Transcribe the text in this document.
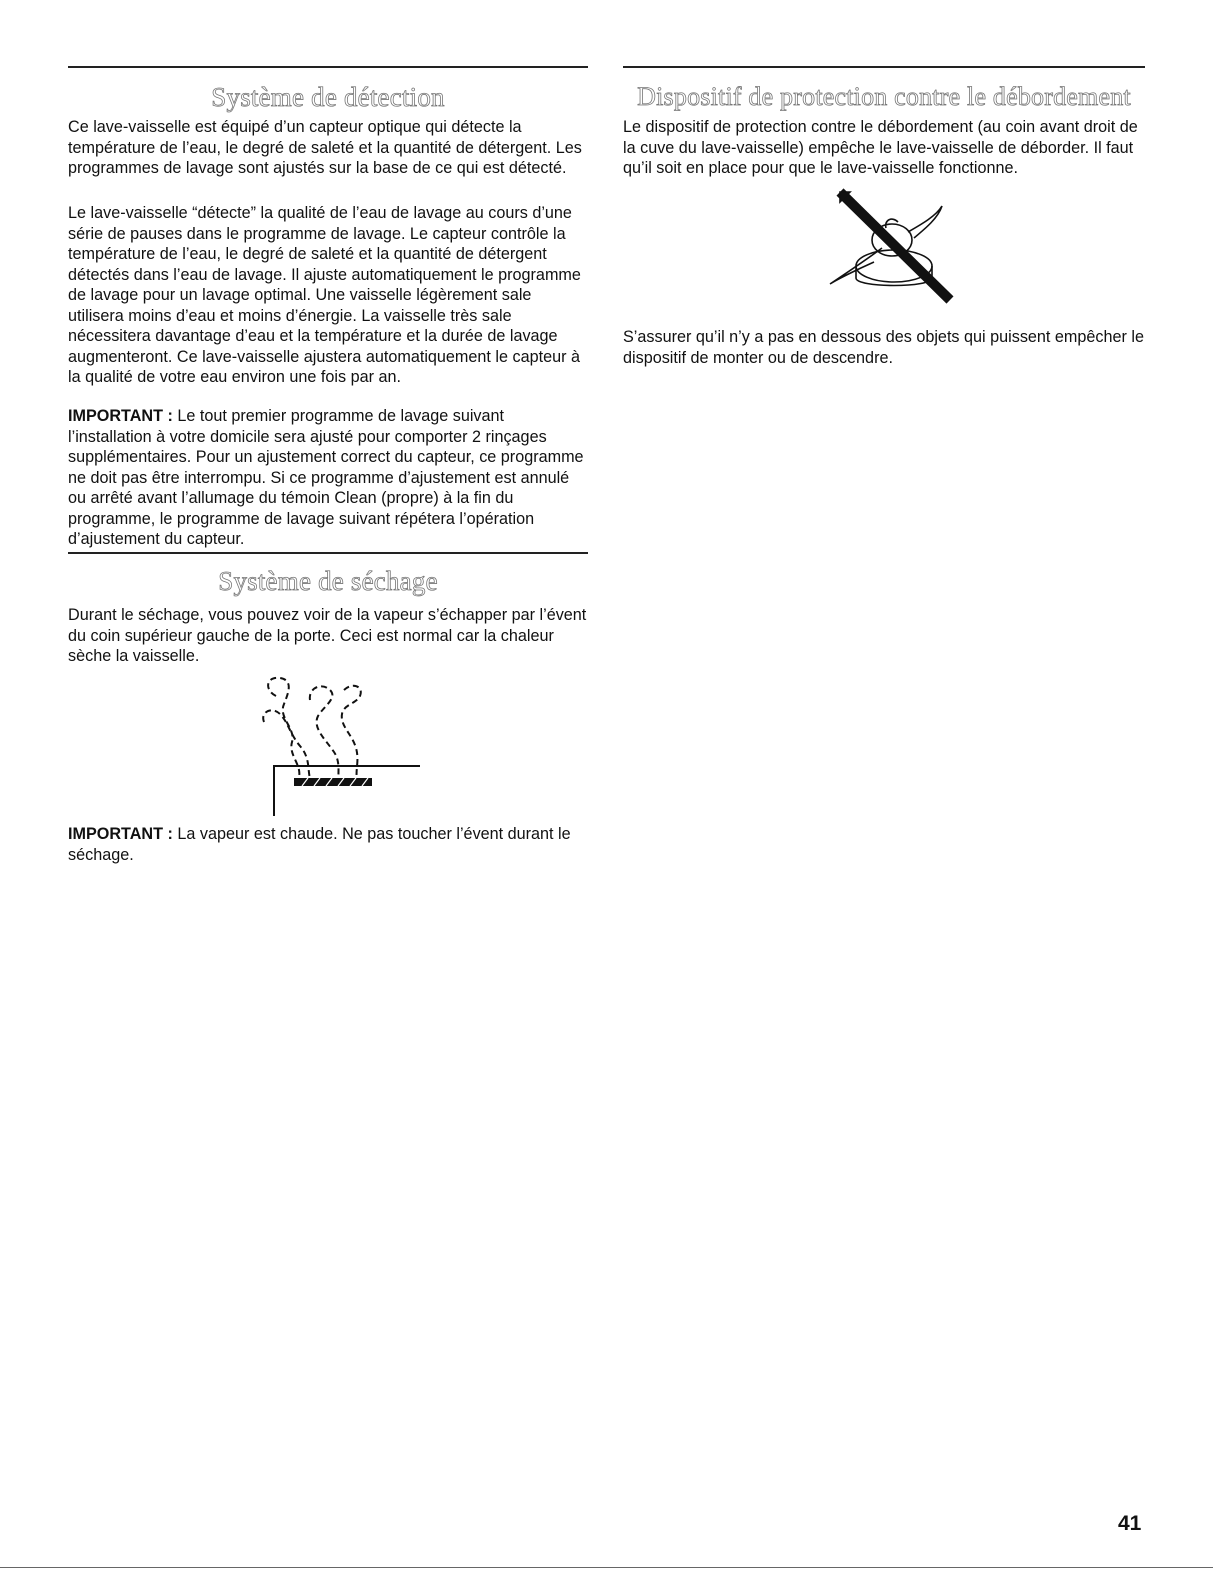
Système de détection

Ce lave-vaisselle est équipé d’un capteur optique qui détecte la température de l’eau, le degré de saleté et la quantité de détergent. Les programmes de lavage sont ajustés sur la base de ce qui est détecté.

Le lave-vaisselle “détecte” la qualité de l’eau de lavage au cours d’une série de pauses dans le programme de lavage. Le capteur contrôle la température de l’eau, le degré de saleté et la quantité de détergent détectés dans l’eau de lavage. Il ajuste automatiquement le programme de lavage pour un lavage optimal. Une vaisselle légèrement sale utilisera moins d’eau et moins d’énergie. La vaisselle très sale nécessitera davantage d’eau et la température et la durée de lavage augmenteront. Ce lave-vaisselle ajustera automatiquement le capteur à la qualité de votre eau environ une fois par an.

IMPORTANT : Le tout premier programme de lavage suivant l’installation à votre domicile sera ajusté pour comporter 2 rinçages supplémentaires. Pour un ajustement correct du capteur, ce programme ne doit pas être interrompu. Si ce programme d’ajustement est annulé ou arrêté avant l’allumage du témoin Clean (propre) à la fin du programme, le programme de lavage suivant répétera l’opération d’ajustement du capteur.

Système de séchage

Durant le séchage, vous pouvez voir de la vapeur s’échapper par l’évent du coin supérieur gauche de la porte. Ceci est normal car la chaleur sèche la vaisselle.

IMPORTANT : La vapeur est chaude. Ne pas toucher l’évent durant le séchage.

Dispositif de protection contre le débordement

Le dispositif de protection contre le débordement (au coin avant droit de la cuve du lave-vaisselle) empêche le lave-vaisselle de déborder. Il faut qu’il soit en place pour que le lave-vaisselle fonctionne.

S’assurer qu’il n’y a pas en dessous des objets qui puissent empêcher le dispositif de monter ou de descendre.

41
